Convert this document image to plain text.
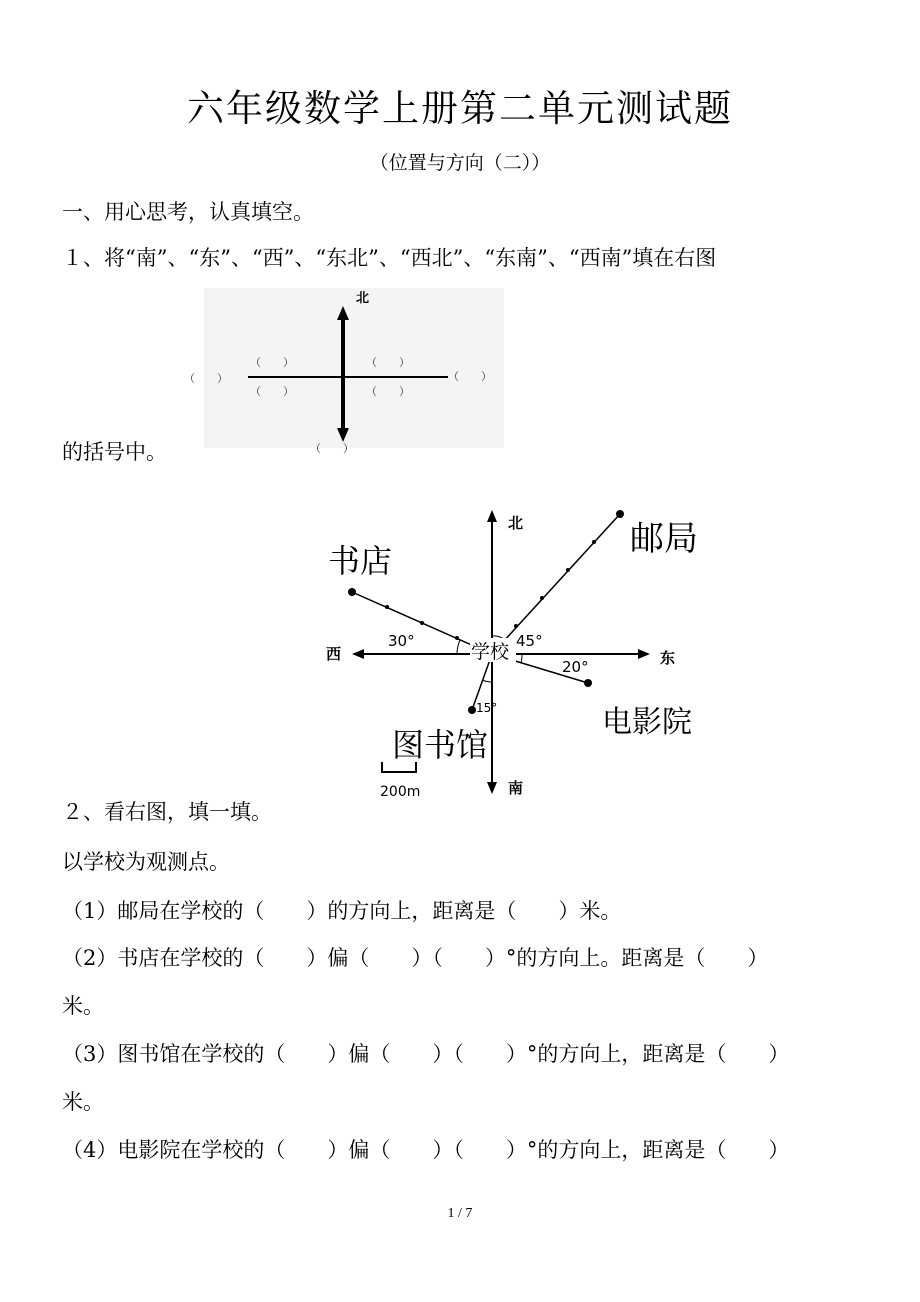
六年级数学上册第二单元测试题
（位置与方向（二））
一、用心思考，认真填空。
１、将“南”、“东”、“西”、“东北”、“西北”、“东南”、“西南”填在右图
北
（　　）	（　　）
（　　）	（　　）
（　　）	（　　）
（　　）
的括号中。
北
南
东
西
30°	45°
20°
15°
学校
邮局
书店
电影院
图书馆
200m
２、看右图，填一填。
以学校为观测点。
（1）邮局在学校的（　　）的方向上，距离是（　　）米。
（2）书店在学校的（　　）偏（　　）（　　）°的方向上。距离是（　　）
米。
（3）图书馆在学校的（　　）偏（　　）（　　）°的方向上，距离是（　　）
米。
（4）电影院在学校的（　　）偏（　　）（　　）°的方向上，距离是（　　）
1 / 7
